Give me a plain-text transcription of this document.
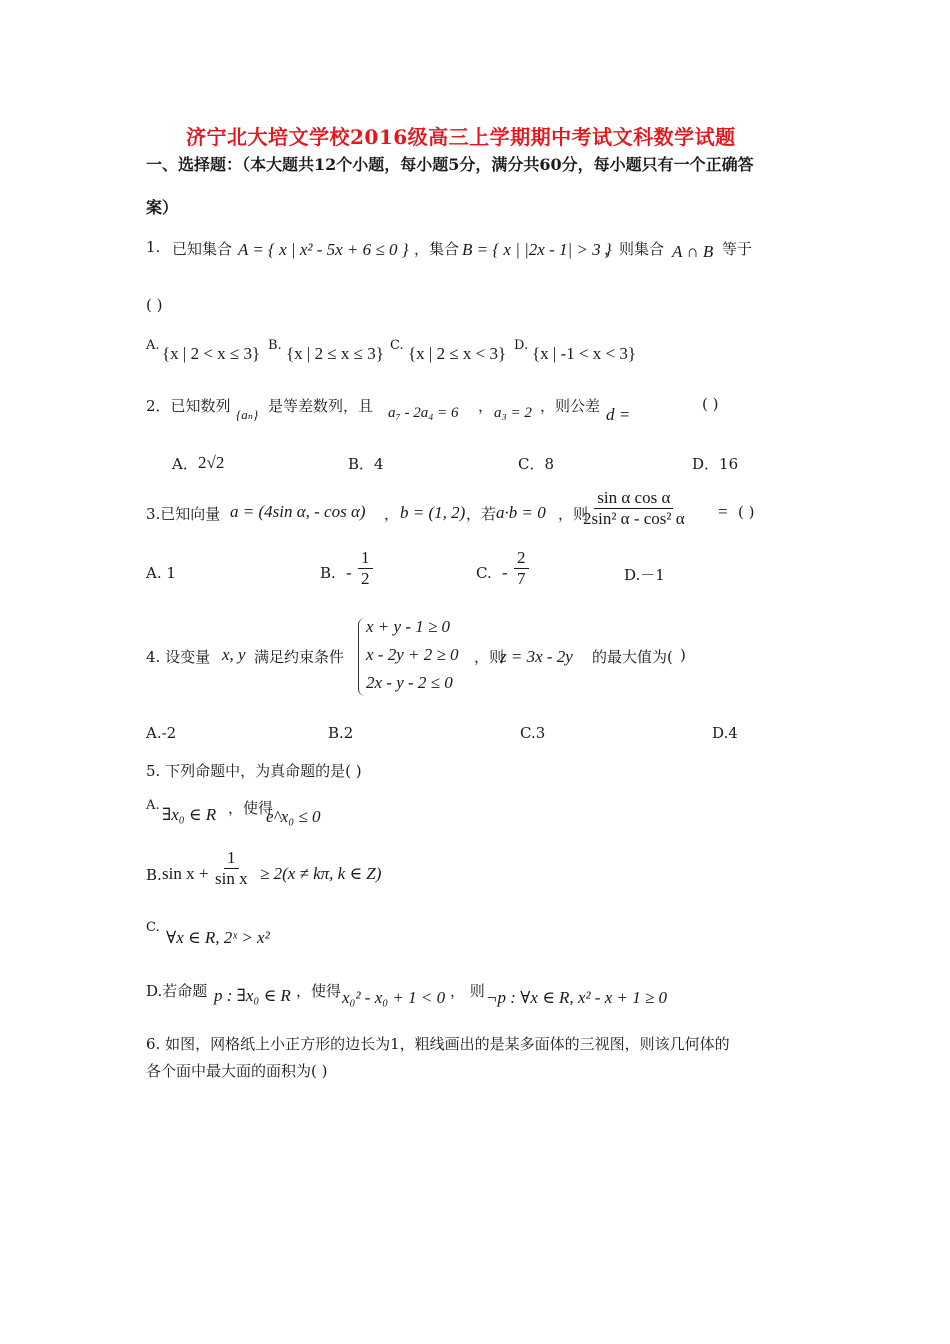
济宁北大培文学校2016级高三上学期期中考试文科数学试题
一、选择题：（本大题共12个小题，每小题5分，满分共60分，每小题只有一个正确答
案）
1. 已知集合 A = { x | x² - 5x + 6 ≤ 0 } ，集合 B = { x | |2x - 1| > 3 }
，则集合 A ∩ B 等于
( )
A. {x | 2 < x ≤ 3} B. {x | 2 ≤ x ≤ 3} C. {x | 2 ≤ x < 3} D. {x | -1 < x < 3}
2．已知数列 {aₙ} 是等差数列，且 a₇ - 2a₄ = 6 ， a₃ = 2 ，则公差 d =
( )
A． 2√2	B．4	C．8	D．16
3.已知向量 a = (4sin α, - cos α) ， b = (1, 2) ，若 a·b = 0 ，则
$\frac{\text{sin α cos α}}{\text{2sin² α - cos² α}}$ = ( )
A. 1	B. - $\frac{1}{2}$	C. - $\frac{2}{7}$	D.－1
4. 设变量 x, y 满足约束条件
x + y - 1 ≥ 0
x - 2y + 2 ≥ 0
2x - y - 2 ≤ 0
，则
z = 3x - 2y 的最大值为( )
A.-2	B.2	C.3	D.4
5. 下列命题中，为真命题的是( )
A. ∃x₀ ∈ R ，使得
e^x₀ ≤ 0
B. $\sin x + \frac{1}{\text{sin x}} \ge 2(x \ne k\pi$, k ∈ Z)
C.
∀x ∈ R, 2ˣ > x²
D.若命题 p : ∃x₀ ∈ R ，使得 x₀² - x₀ + 1 < 0 ， 则 ¬p : ∀x ∈ R, x² - x + 1 ≥ 0
6. 如图，网格纸上小正方形的边长为1，粗线画出的是某多面体的三视图，则该几何体的
各个面中最大面的面积为( )
